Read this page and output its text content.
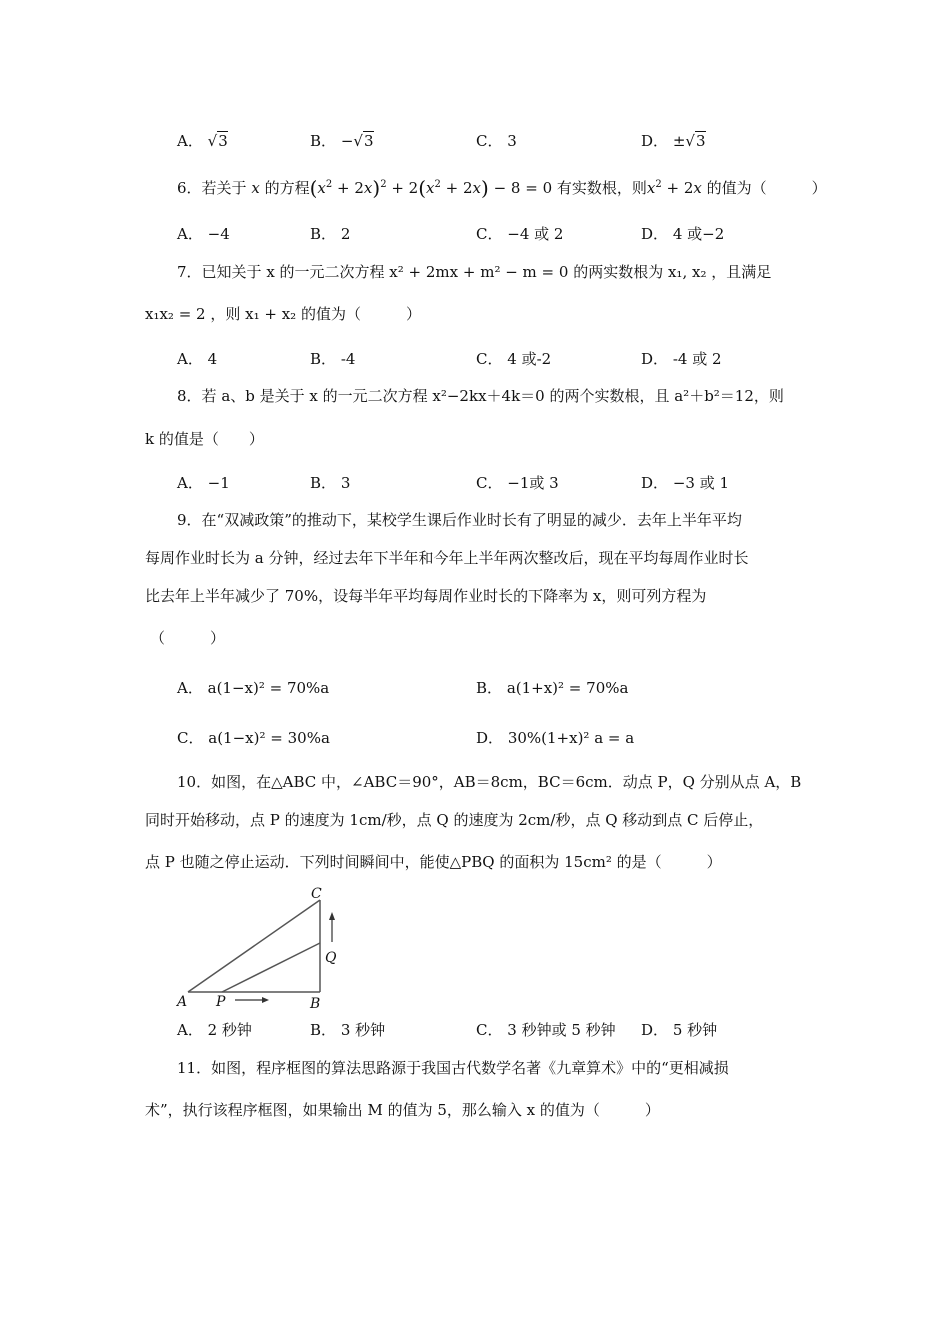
A． √3	B． −√3	C． 3	D． ±√3
6．若关于 x 的方程$(x^2 + 2x)^2 + 2(x^2 + 2x) - 8 = 0$ 有实数根，则$x^2 + 2x$ 的值为（　　　）
A． −4	B． 2	C． −4 或 2	D． 4 或−2
7．已知关于 x 的一元二次方程 x² + 2mx + m² − m = 0 的两实数根为 x₁, x₂ ，且满足
x₁x₂ = 2 ，则 x₁ + x₂ 的值为（　　　）
A． 4	B． -4	C． 4 或-2	D． -4 或 2
8．若 a、b 是关于 x 的一元二次方程 x²−2kx＋4k＝0 的两个实数根，且 a²＋b²＝12，则
k 的值是（　　）
A． −1	B． 3	C． −1或 3	D． −3 或 1
9．在“双减政策”的推动下，某校学生课后作业时长有了明显的减少．去年上半年平均
每周作业时长为 a 分钟，经过去年下半年和今年上半年两次整改后，现在平均每周作业时长
比去年上半年减少了 70%，设每半年平均每周作业时长的下降率为 x，则可列方程为
（　　　）
A． a(1−x)² = 70%a	B． a(1+x)² = 70%a
C． a(1−x)² = 30%a	D． 30%(1+x)² a = a
10．如图，在△ABC 中，∠ABC＝90°，AB＝8cm，BC＝6cm．动点 P，Q 分别从点 A，B
同时开始移动，点 P 的速度为 1cm/秒，点 Q 的速度为 2cm/秒，点 Q 移动到点 C 后停止，
点 P 也随之停止运动．下列时间瞬间中，能使△PBQ 的面积为 15cm² 的是（　　　）
A P	B
C
Q
A． 2 秒钟	B． 3 秒钟	C． 3 秒钟或 5 秒钟 D． 5 秒钟
11．如图，程序框图的算法思路源于我国古代数学名著《九章算术》中的“更相减损
术”，执行该程序框图，如果输出 M 的值为 5，那么输入 x 的值为（　　　）
